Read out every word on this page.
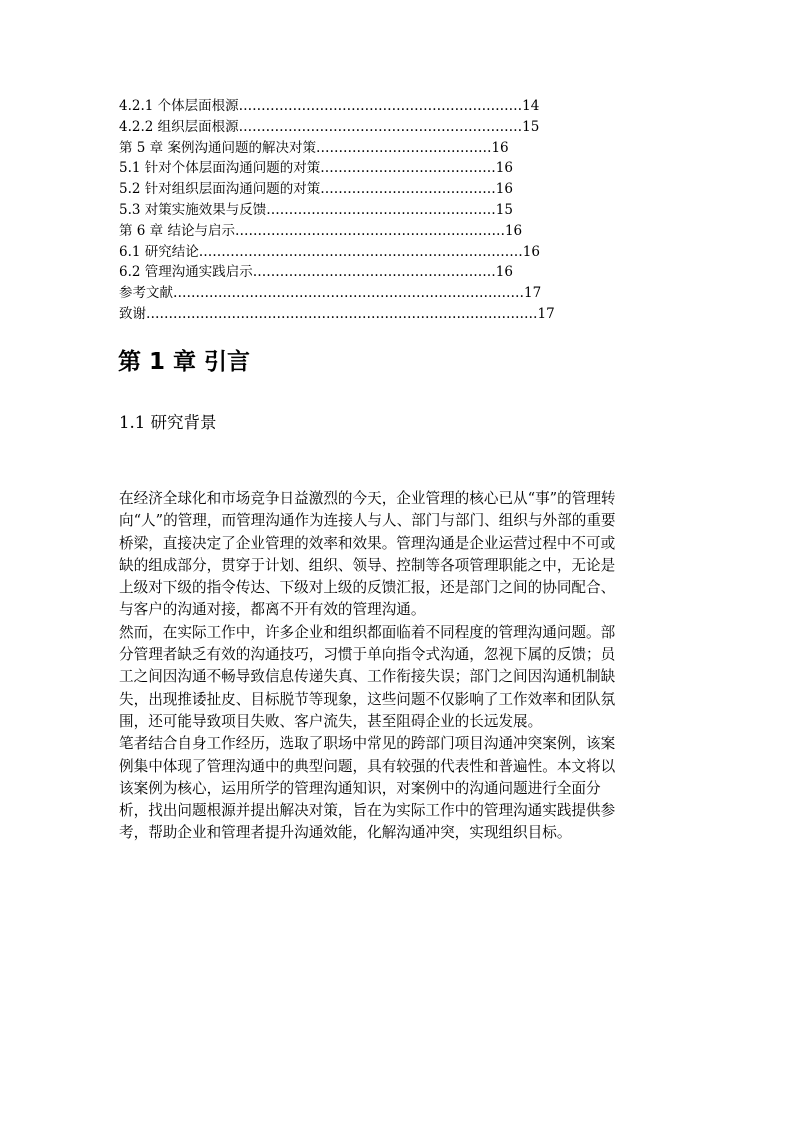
4.2.1 个体层面根源………………………………………………………14
4.2.2 组织层面根源………………………………………………………15
第 5 章 案例沟通问题的解决对策…………………………………16
5.1 针对个体层面沟通问题的对策…………………………………16
5.2 针对组织层面沟通问题的对策…………………………………16
5.3 对策实施效果与反馈……………………………………………15
第 6 章 结论与启示……………………………………………………16
6.1 研究结论………………………………………………………………16
6.2 管理沟通实践启示………………………………………………16
参考文献……………………………………………………………………17
致谢……………………………………………………………………………17
第 1 章 引言
1.1 研究背景
在经济全球化和市场竞争日益激烈的今天，企业管理的核心已从“事”的管理转
向“人”的管理，而管理沟通作为连接人与人、部门与部门、组织与外部的重要
桥梁，直接决定了企业管理的效率和效果。管理沟通是企业运营过程中不可或
缺的组成部分，贯穿于计划、组织、领导、控制等各项管理职能之中，无论是
上级对下级的指令传达、下级对上级的反馈汇报，还是部门之间的协同配合、
与客户的沟通对接，都离不开有效的管理沟通。
然而，在实际工作中，许多企业和组织都面临着不同程度的管理沟通问题。部
分管理者缺乏有效的沟通技巧，习惯于单向指令式沟通，忽视下属的反馈；员
工之间因沟通不畅导致信息传递失真、工作衔接失误；部门之间因沟通机制缺
失，出现推诿扯皮、目标脱节等现象，这些问题不仅影响了工作效率和团队氛
围，还可能导致项目失败、客户流失，甚至阻碍企业的长远发展。
笔者结合自身工作经历，选取了职场中常见的跨部门项目沟通冲突案例，该案
例集中体现了管理沟通中的典型问题，具有较强的代表性和普遍性。本文将以
该案例为核心，运用所学的管理沟通知识，对案例中的沟通问题进行全面分
析，找出问题根源并提出解决对策，旨在为实际工作中的管理沟通实践提供参
考，帮助企业和管理者提升沟通效能，化解沟通冲突，实现组织目标。
